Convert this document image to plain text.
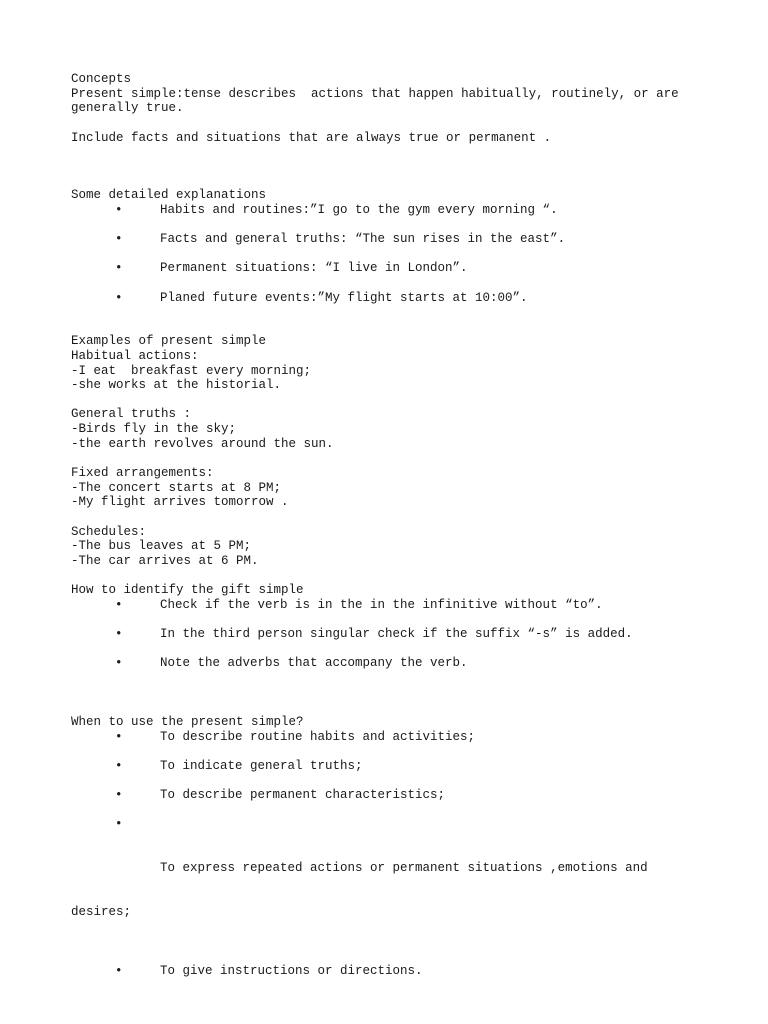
Concepts
Present simple:tense describes  actions that happen habitually, routinely, or are
generally true.
Include facts and situations that are always true or permanent .
Some detailed explanations

•

	Habits and routines:”I go to the gym every morning “.

•

	Facts and general truths: “The sun rises in the east”.

•

	Permanent situations: “I live in London”.

•

	Planed future events:”My flight starts at 10:00”.

Examples of present simple
Habitual actions:
-I eat  breakfast every morning;
-she works at the historial.
General truths :
-Birds fly in the sky;
-the earth revolves around the sun.
Fixed arrangements:
-The concert starts at 8 PM;
-My flight arrives tomorrow .
Schedules:
-The bus leaves at 5 PM;
-The car arrives at 6 PM.
How to identify the gift simple

•

	Check if the verb is in the in the infinitive without “to”.

•

	In the third person singular check if the suffix “-s” is added.

•

	Note the adverbs that accompany the verb.

When to use the present simple?

•

	To describe routine habits and activities;

•

	To indicate general truths;

•

	To describe permanent characteristics;

•

To express repeated actions or permanent situations ,emotions and

desires;

•

	To give instructions or directions.
